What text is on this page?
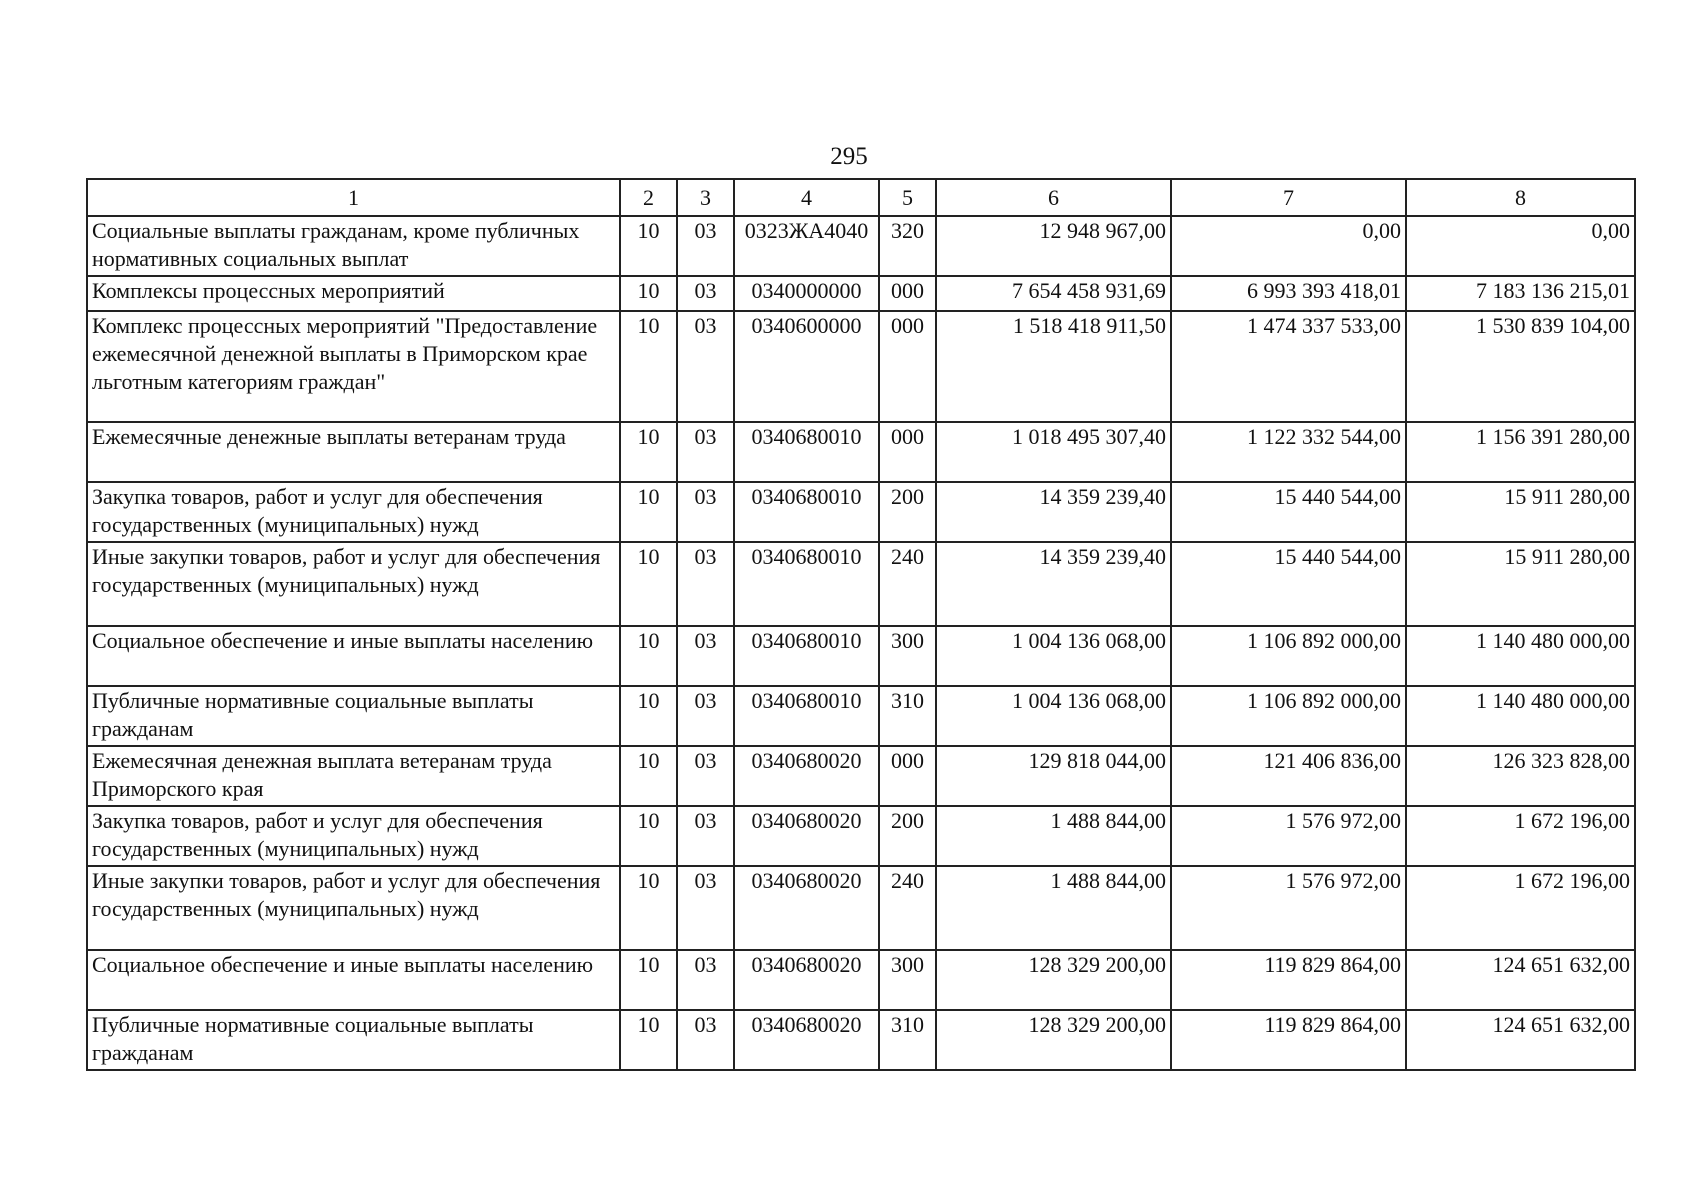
295
1	2	3	4	5	6	7	8
Социальные выплаты гражданам, кроме публичных нормативных социальных выплат	10	03	0323ЖА4040	320	12 948 967,00	0,00	0,00
Комплексы процессных мероприятий	10	03	0340000000	000	7 654 458 931,69	6 993 393 418,01	7 183 136 215,01
Комплекс процессных мероприятий "Предоставление ежемесячной денежной выплаты в Приморском крае льготным категориям граждан"	10	03	0340600000	000	1 518 418 911,50	1 474 337 533,00	1 530 839 104,00
Ежемесячные денежные выплаты ветеранам труда	10	03	0340680010	000	1 018 495 307,40	1 122 332 544,00	1 156 391 280,00
Закупка товаров, работ и услуг для обеспечения государственных (муниципальных) нужд	10	03	0340680010	200	14 359 239,40	15 440 544,00	15 911 280,00
Иные закупки товаров, работ и услуг для обеспечения государственных (муниципальных) нужд	10	03	0340680010	240	14 359 239,40	15 440 544,00	15 911 280,00
Социальное обеспечение и иные выплаты населению	10	03	0340680010	300	1 004 136 068,00	1 106 892 000,00	1 140 480 000,00
Публичные нормативные социальные выплаты гражданам	10	03	0340680010	310	1 004 136 068,00	1 106 892 000,00	1 140 480 000,00
Ежемесячная денежная выплата ветеранам труда Приморского края	10	03	0340680020	000	129 818 044,00	121 406 836,00	126 323 828,00
Закупка товаров, работ и услуг для обеспечения государственных (муниципальных) нужд	10	03	0340680020	200	1 488 844,00	1 576 972,00	1 672 196,00
Иные закупки товаров, работ и услуг для обеспечения государственных (муниципальных) нужд	10	03	0340680020	240	1 488 844,00	1 576 972,00	1 672 196,00
Социальное обеспечение и иные выплаты населению	10	03	0340680020	300	128 329 200,00	119 829 864,00	124 651 632,00
Публичные нормативные социальные выплаты гражданам	10	03	0340680020	310	128 329 200,00	119 829 864,00	124 651 632,00
